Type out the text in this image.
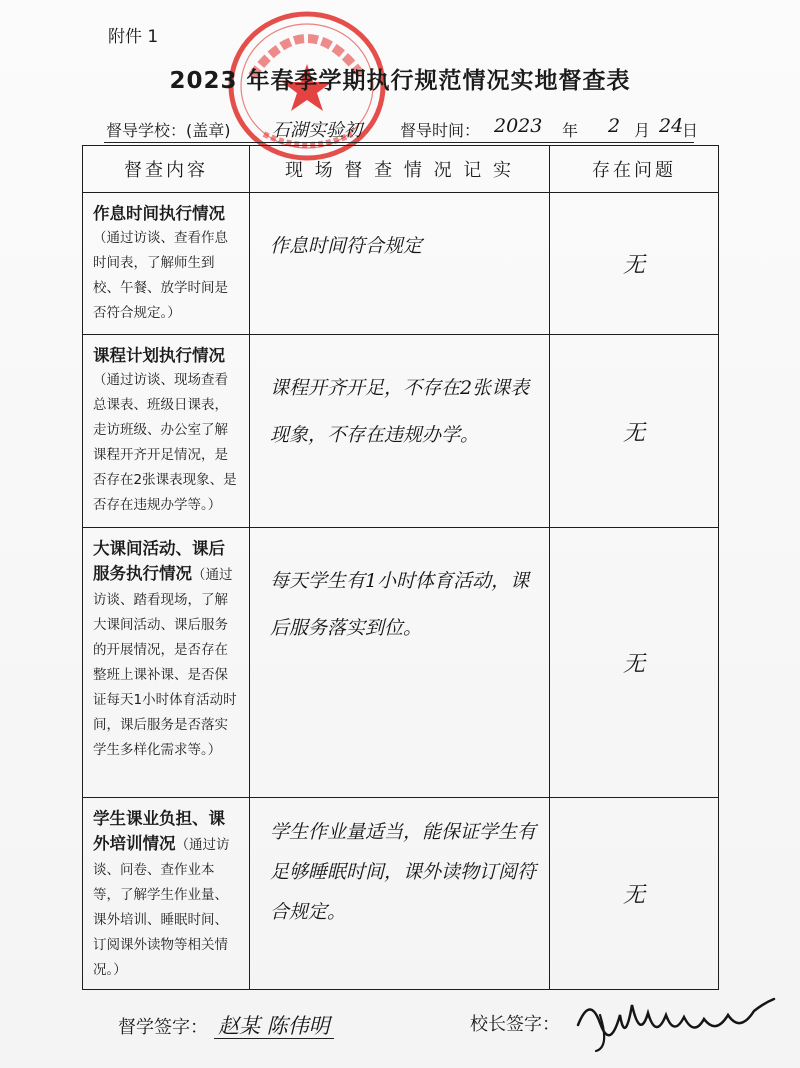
附件 1
2023 年春季学期执行规范情况实地督查表
督导学校：(盖章) 石湖实验初 督导时间： 2023 年 2 月 24
日
督查内容	现 场 督 查 情 况 记 实	存在问题
作息时间执行情况（通过访谈、查看作息时间表，了解师生到校、午餐、放学时间是否符合规定。）	作息时间符合规定	无
课程计划执行情况（通过访谈、现场查看总课表、班级日课表，走访班级、办公室了解课程开齐开足情况，是否存在2张课表现象、是否存在违规办学等。）	课程开齐开足，不存在2张课表现象，不存在违规办学。	无
大课间活动、课后服务执行情况（通过访谈、踏看现场，了解大课间活动、课后服务的开展情况，是否存在整班上课补课、是否保证每天1小时体育活动时间，课后服务是否落实学生多样化需求等。）	每天学生有1小时体育活动，课后服务落实到位。	无
学生课业负担、课外培训情况（通过访谈、问卷、查作业本等，了解学生作业量、课外培训、睡眠时间、订阅课外读物等相关情况。）	学生作业量适当，能保证学生有足够睡眠时间，课外读物订阅符合规定。	无
督学签字： 赵某 陈伟明	校长签字：
